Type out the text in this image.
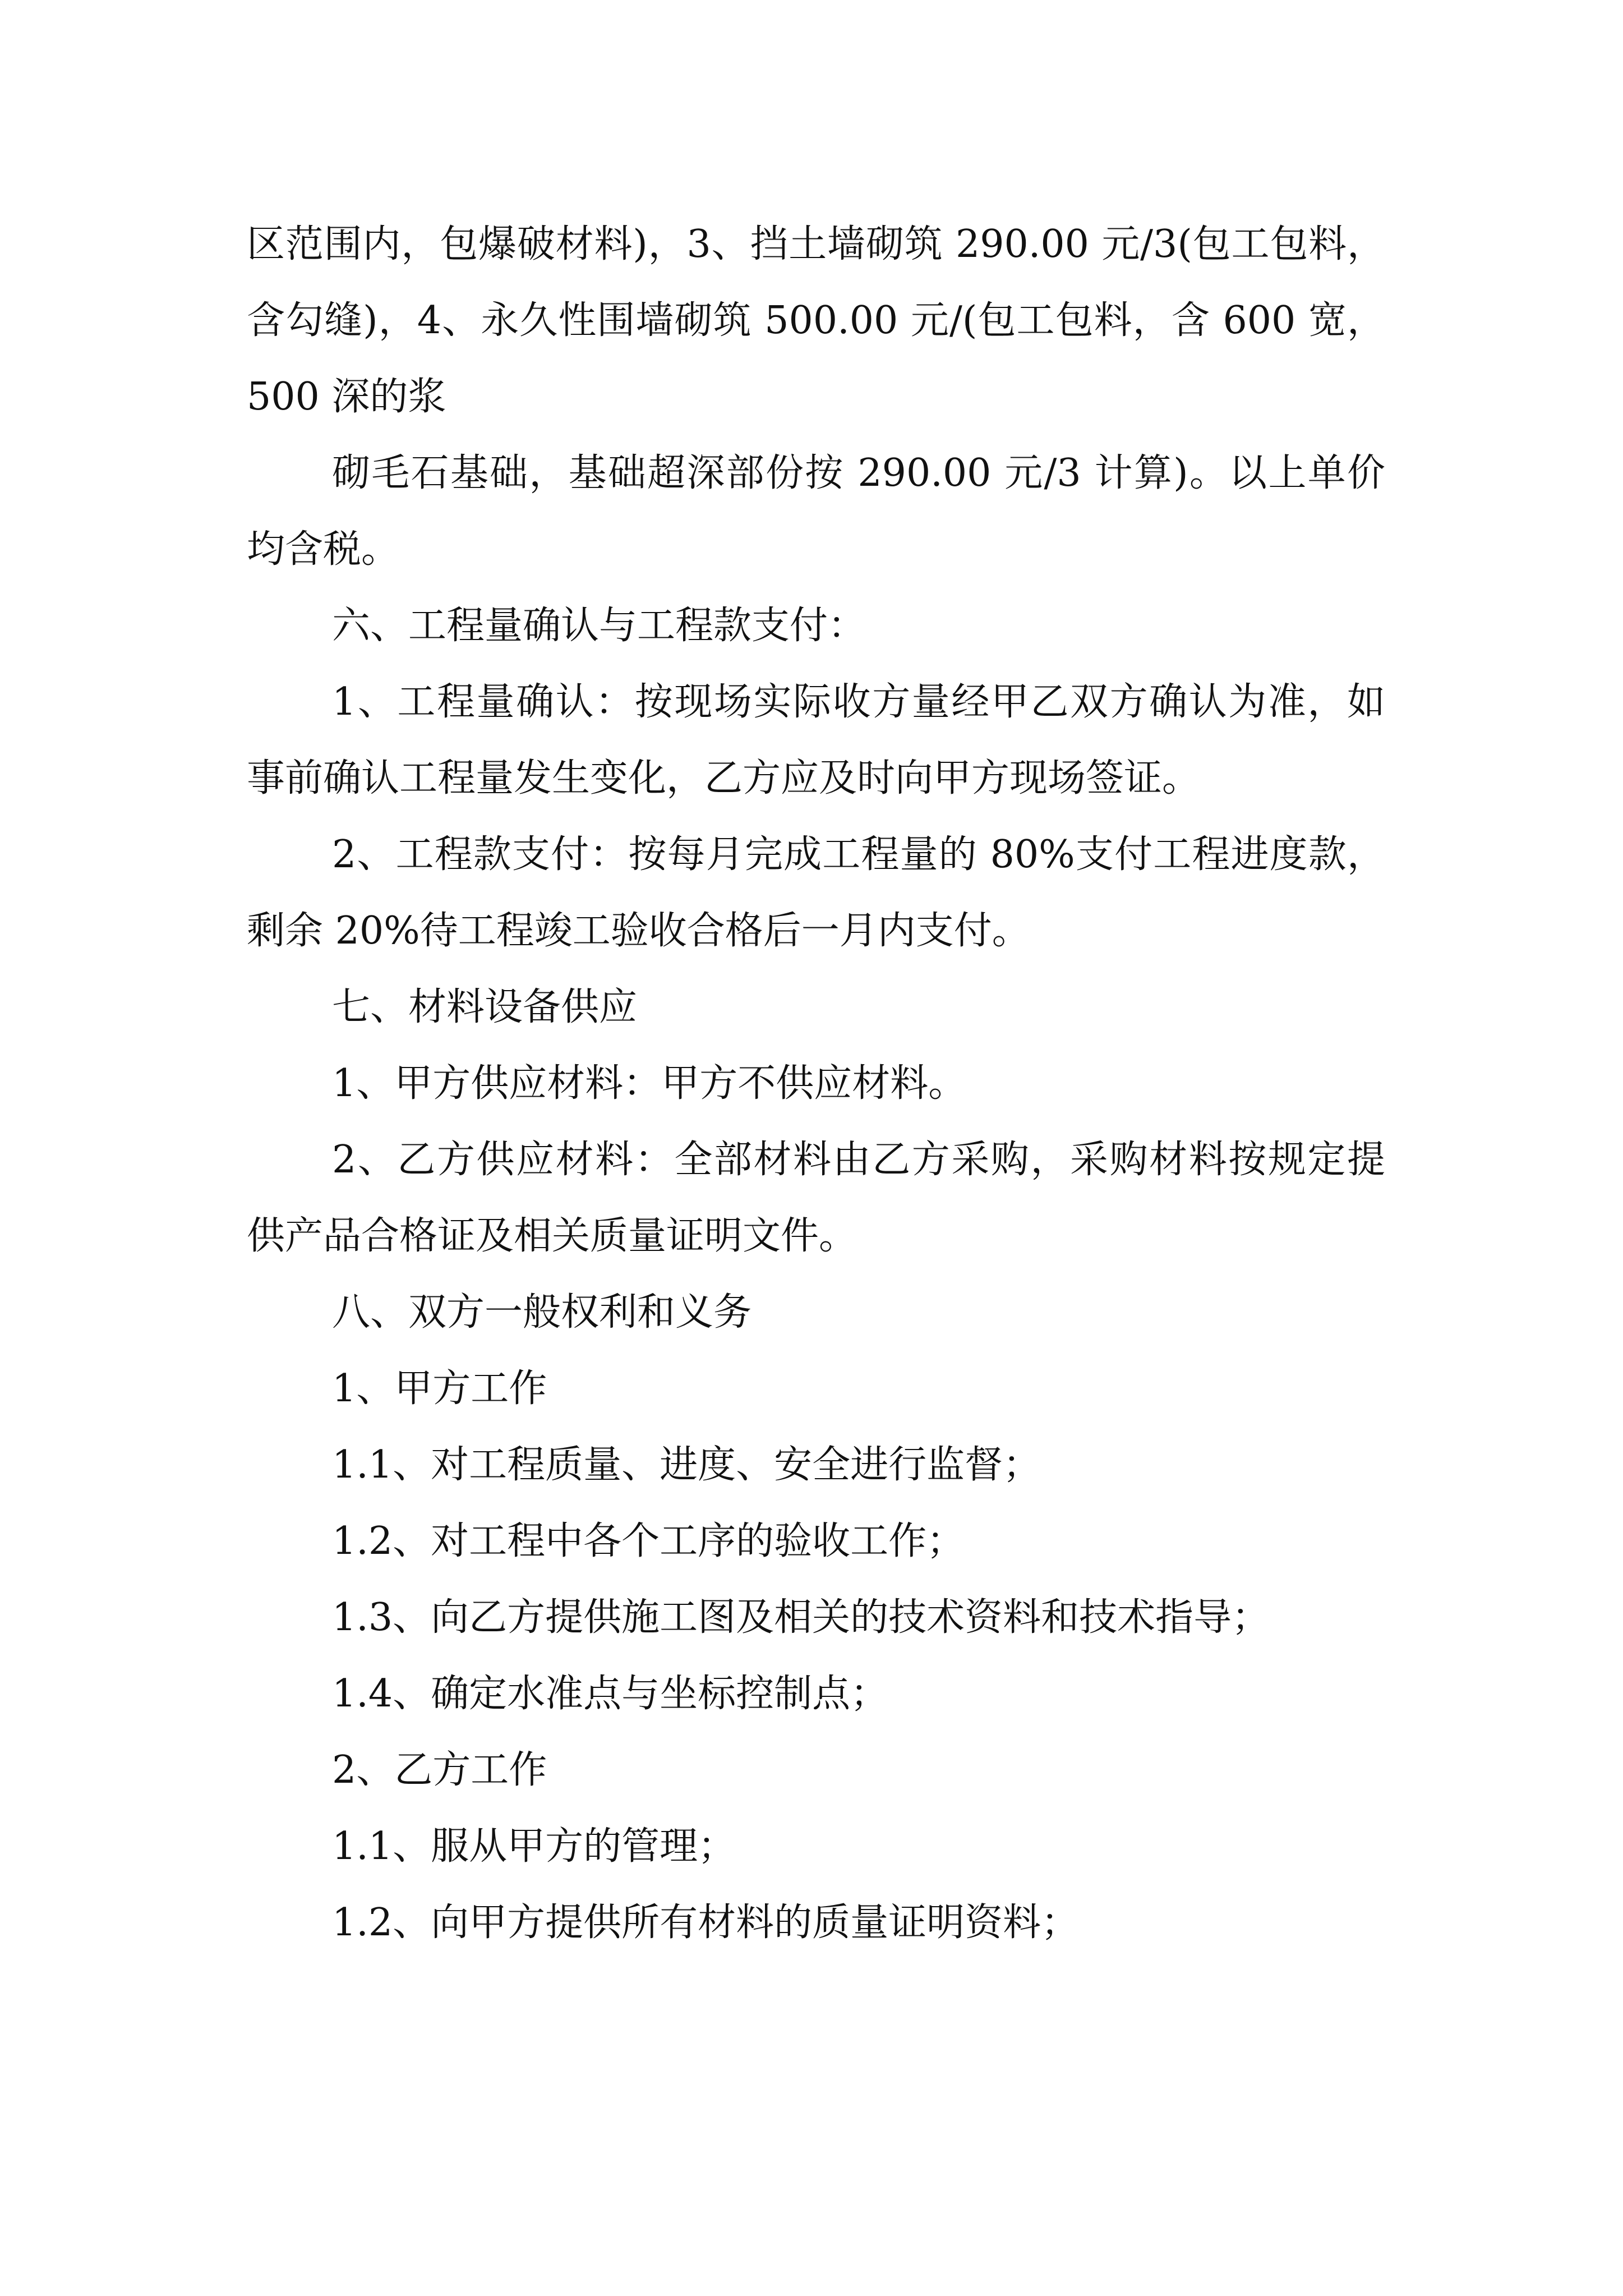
区范围内，包爆破材料)，3、挡土墙砌筑 290.00 元/3(包工包料，含勾缝)，4、永久性围墙砌筑 500.00 元/(包工包料，含 600 宽，500 深的浆

砌毛石基础，基础超深部份按 290.00 元/3 计算)。以上单价均含税。

六、工程量确认与工程款支付：

1、工程量确认：按现场实际收方量经甲乙双方确认为准，如事前确认工程量发生变化，乙方应及时向甲方现场签证。

2、工程款支付：按每月完成工程量的 80%支付工程进度款，剩余 20%待工程竣工验收合格后一月内支付。

七、材料设备供应

1、甲方供应材料：甲方不供应材料。

2、乙方供应材料：全部材料由乙方采购，采购材料按规定提供产品合格证及相关质量证明文件。

八、双方一般权利和义务

1、甲方工作

1.1、对工程质量、进度、安全进行监督；

1.2、对工程中各个工序的验收工作；

1.3、向乙方提供施工图及相关的技术资料和技术指导；

1.4、确定水准点与坐标控制点；

2、乙方工作

1.1、服从甲方的管理；

1.2、向甲方提供所有材料的质量证明资料；
